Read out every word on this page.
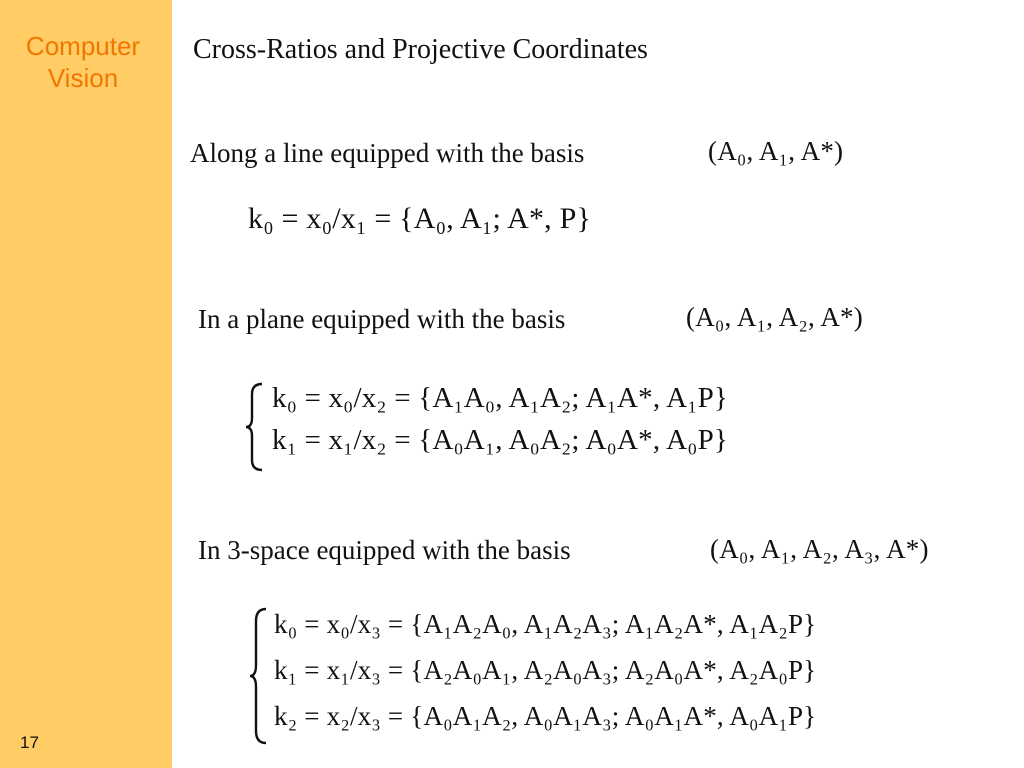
Computer
Vision
17
Cross-Ratios and Projective Coordinates
Along a line equipped with the basis	(A₀, A₁, A*)
k₀ = x₀/x₁ = {A₀, A₁; A*, P}
In a plane equipped with the basis	(A₀, A₁, A₂, A*)
k₀ = x₀/x₂ = {A₁A₀, A₁A₂; A₁A*, A₁P}
k₁ = x₁/x₂ = {A₀A₁, A₀A₂; A₀A*, A₀P}
In 3-space equipped with the basis	(A₀, A₁, A₂, A₃, A*)
k₀ = x₀/x₃ = {A₁A₂A₀, A₁A₂A₃; A₁A₂A*, A₁A₂P}
k₁ = x₁/x₃ = {A₂A₀A₁, A₂A₀A₃; A₂A₀A*, A₂A₀P}
k₂ = x₂/x₃ = {A₀A₁A₂, A₀A₁A₃; A₀A₁A*, A₀A₁P}
